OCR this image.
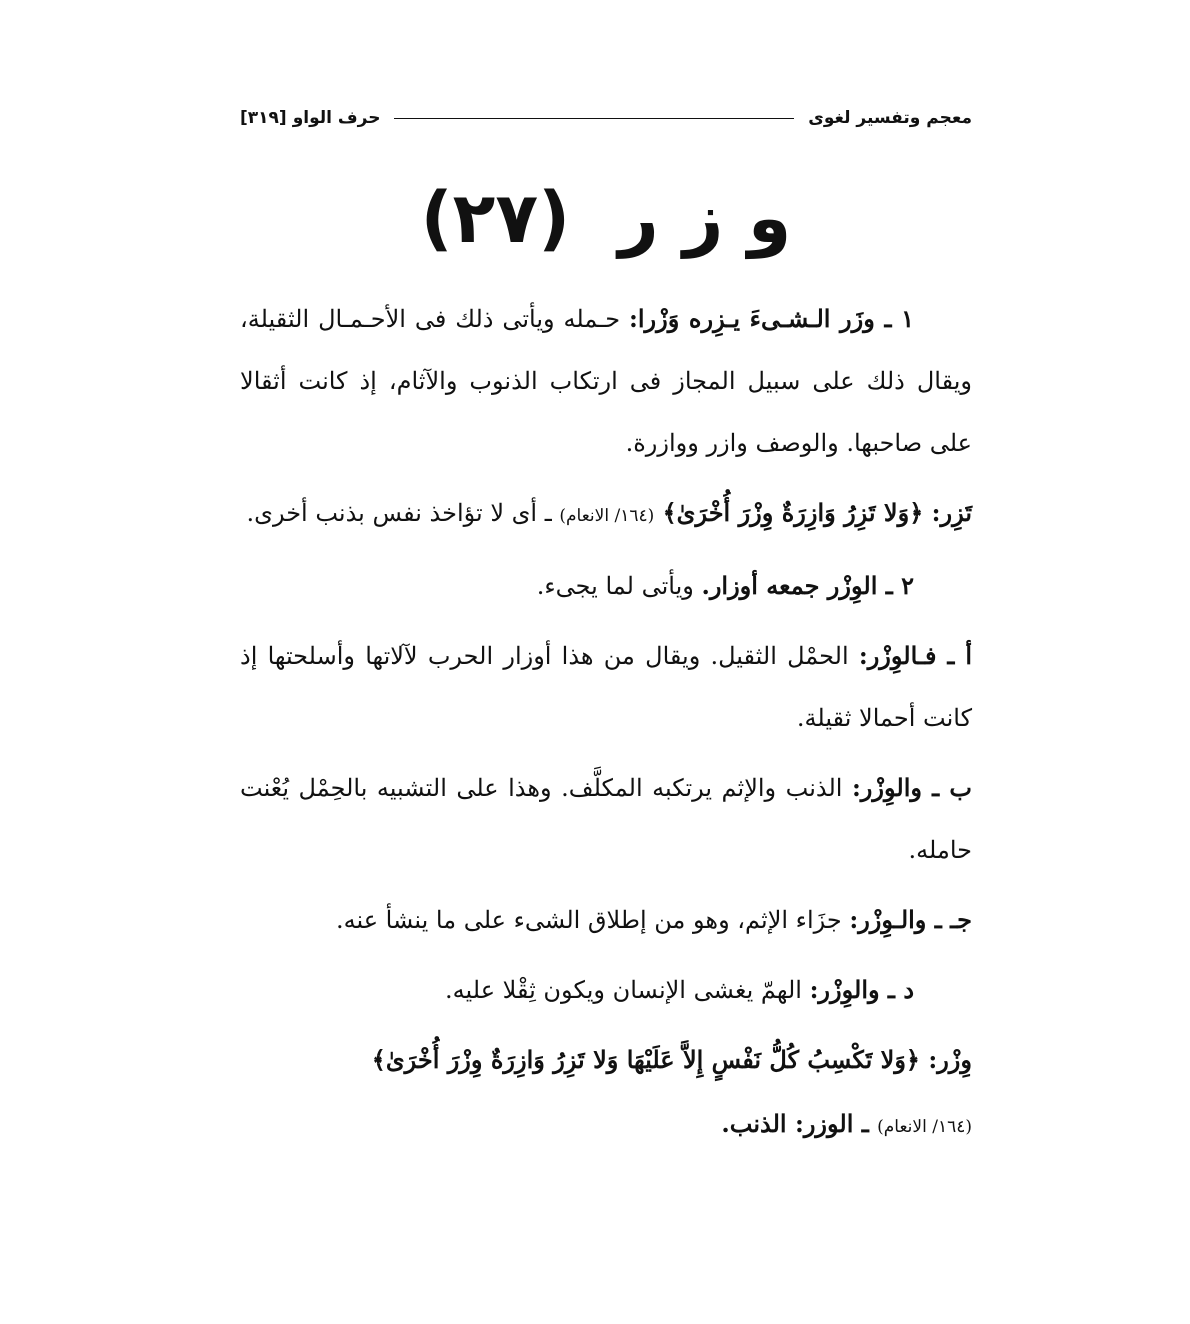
معجم وتفسير لغوى
حرف الواو
[٣١٩]
و ز ر (٢٧)

١ ـ وزَر الـشـىءَ يـزِره وَزْرا: حـمله ويأتى ذلك فى الأحـمـال الثقيلة، ويقال ذلك على سبيل المجاز فى ارتكاب الذنوب والآثام، إذ كانت أثقالا على صاحبها. والوصف وازر ووازرة.

تَزِر: ﴿وَلا تَزِرُ وَازِرَةٌ وِزْرَ أُخْرَىٰ﴾ (١٦٤/ الانعام) ـ أى لا تؤاخذ نفس بذنب أخرى.

٢ ـ الوِزْر جمعه أوزار. ويأتى لما يجىء.

أ ـ فـالوِزْر: الحمْل الثقيل. ويقال من هذا أوزار الحرب لآلاتها وأسلحتها إذ كانت أحمالا ثقيلة.

ب ـ والوِزْر: الذنب والإثم يرتكبه المكلَّف. وهذا على التشبيه بالحِمْل يُعْنت حامله.

جـ ـ والـوِزْر: جزَاء الإثم، وهو من إطلاق الشىء على ما ينشأ عنه.

د ـ والوِزْر: الهمّ يغشى الإنسان ويكون ثِقْلا عليه.

وِزْر: ﴿وَلا تَكْسِبُ كُلُّ نَفْسٍ إِلاَّ عَلَيْهَا وَلا تَزِرُ وَازِرَةٌ وِزْرَ أُخْرَىٰ﴾

(١٦٤/ الانعام) ـ الوزر: الذنب.
